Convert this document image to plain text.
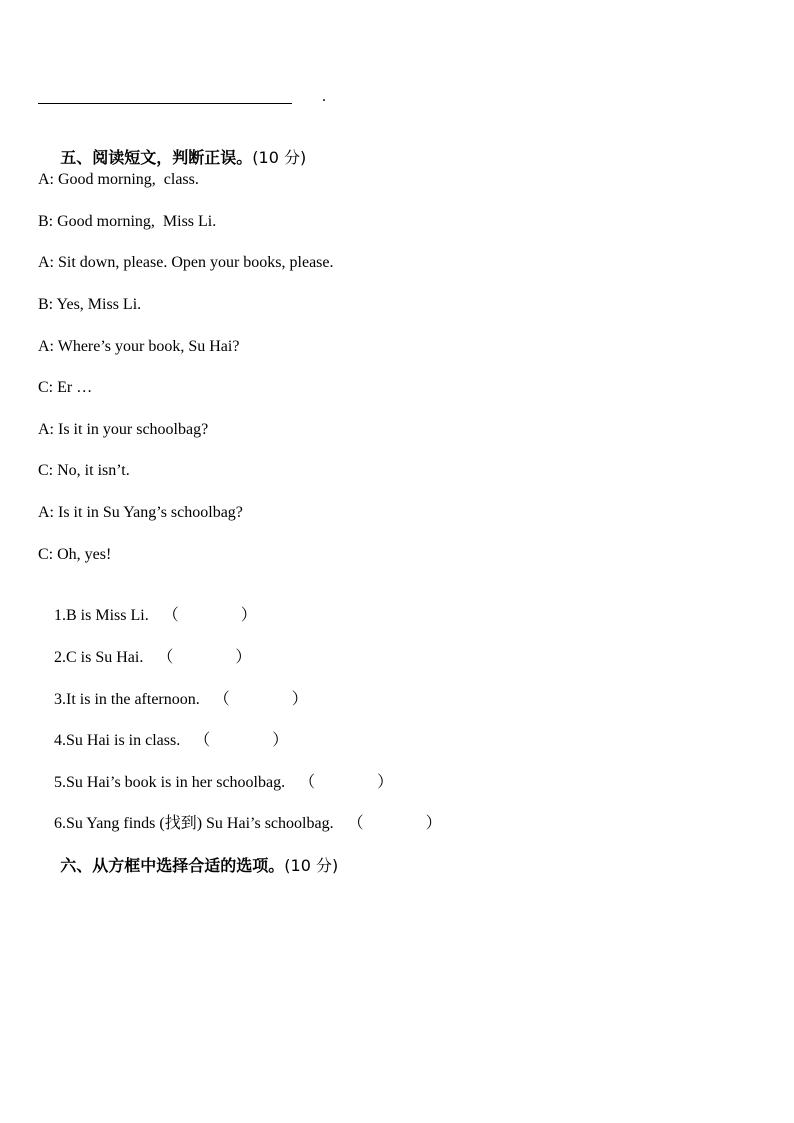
.

五、阅读短文，判断正误。(10 分)

A: Good morning,  class.
B: Good morning,  Miss Li.
A: Sit down, please. Open your books, please.
B: Yes, Miss Li.
A: Where’s your book, Su Hai?
C: Er …
A: Is it in your schoolbag?
C: No, it isn’t.
A: Is it in Su Yang’s schoolbag?
C: Oh, yes!

1.B is Miss Li. （	）

2.C is Su Hai. （	）

3.It is in the afternoon. （	）

4.Su Hai is in class. （	）

5.Su Hai’s book is in her schoolbag. （	）

6.Su Yang finds (找到) Su Hai’s schoolbag. （	）

六、从方框中选择合适的选项。(10 分)
